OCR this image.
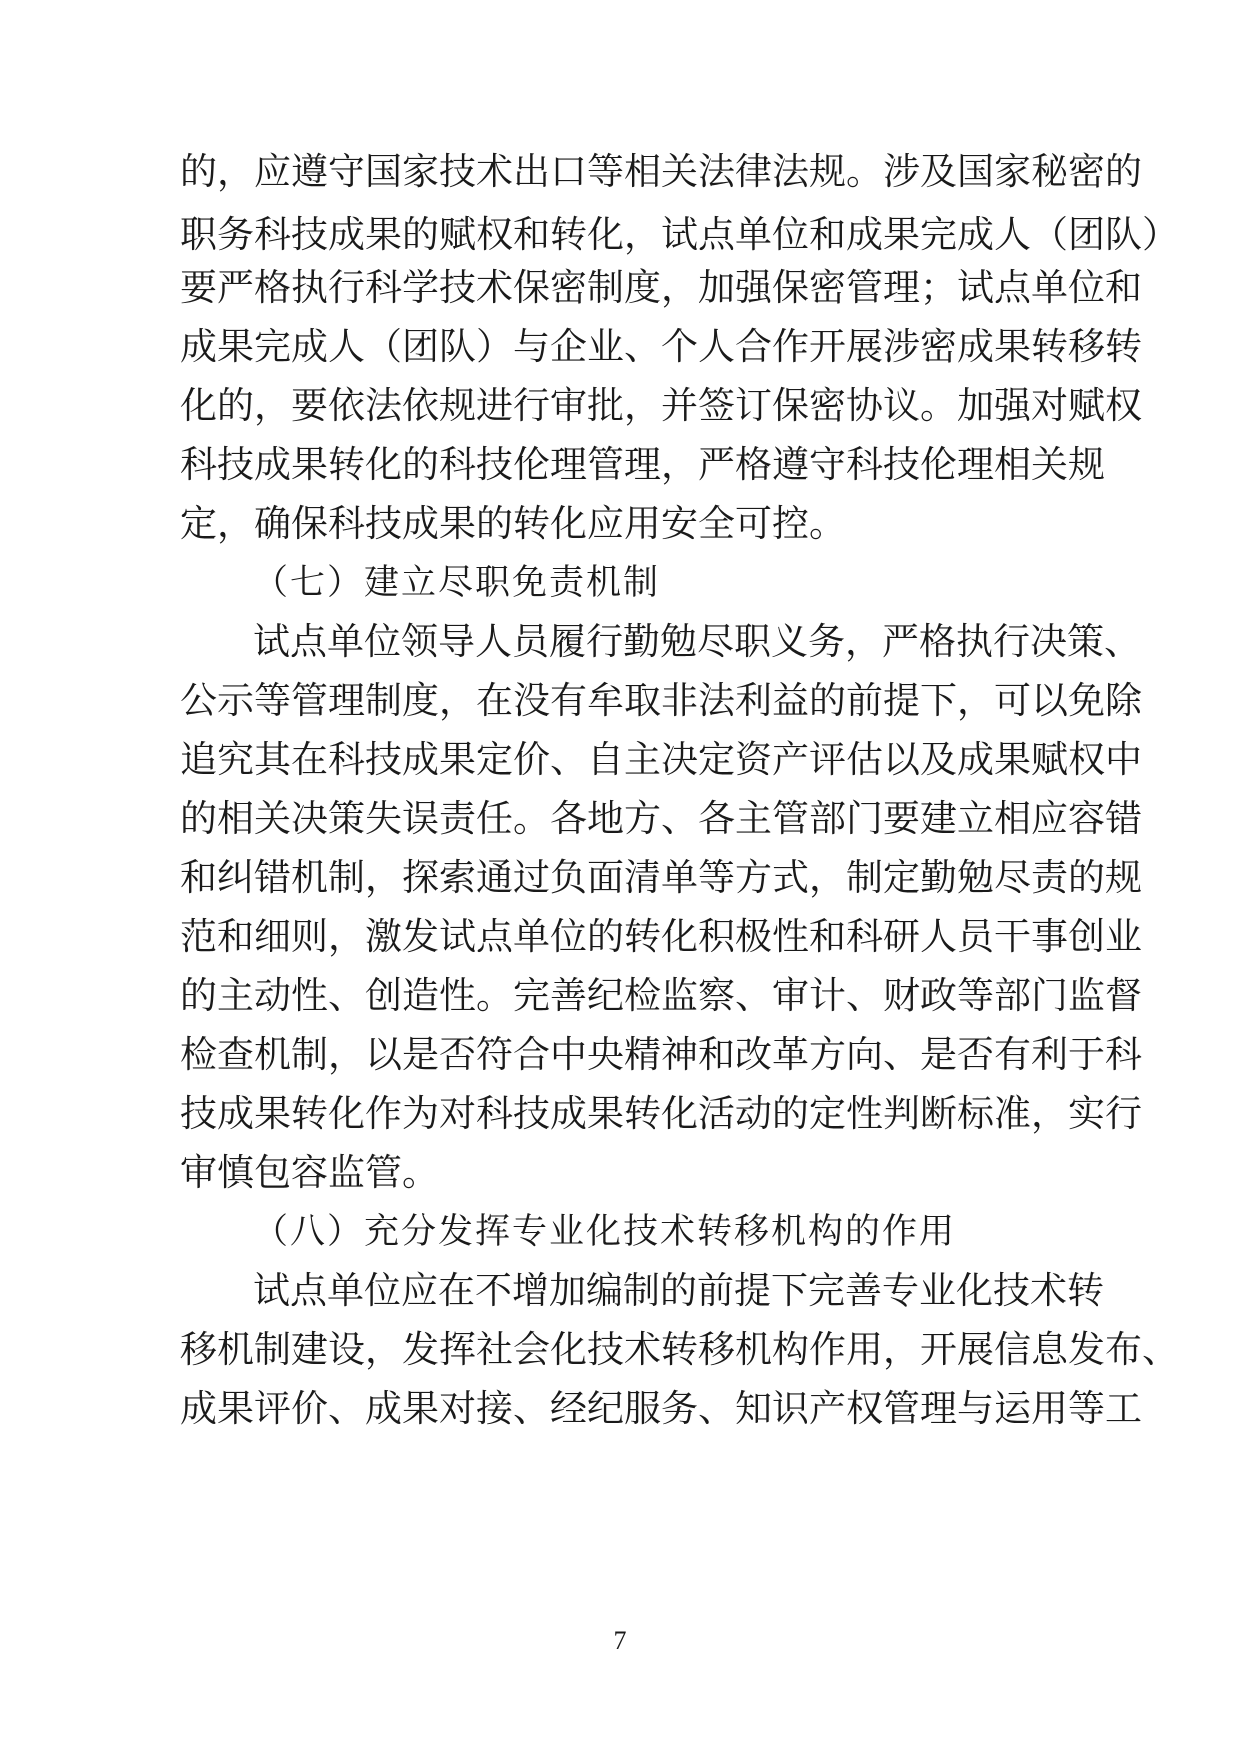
的，应遵守国家技术出口等相关法律法规。涉及国家秘密的
职务科技成果的赋权和转化，试点单位和成果完成人（团队）
要严格执行科学技术保密制度，加强保密管理；试点单位和
成果完成人（团队）与企业、个人合作开展涉密成果转移转
化的，要依法依规进行审批，并签订保密协议。加强对赋权
科技成果转化的科技伦理管理，严格遵守科技伦理相关规
定，确保科技成果的转化应用安全可控。
（七）建立尽职免责机制
试点单位领导人员履行勤勉尽职义务，严格执行决策、
公示等管理制度，在没有牟取非法利益的前提下，可以免除
追究其在科技成果定价、自主决定资产评估以及成果赋权中
的相关决策失误责任。各地方、各主管部门要建立相应容错
和纠错机制，探索通过负面清单等方式，制定勤勉尽责的规
范和细则，激发试点单位的转化积极性和科研人员干事创业
的主动性、创造性。完善纪检监察、审计、财政等部门监督
检查机制，以是否符合中央精神和改革方向、是否有利于科
技成果转化作为对科技成果转化活动的定性判断标准，实行
审慎包容监管。
（八）充分发挥专业化技术转移机构的作用
试点单位应在不增加编制的前提下完善专业化技术转
移机制建设，发挥社会化技术转移机构作用，开展信息发布、
成果评价、成果对接、经纪服务、知识产权管理与运用等工
7
